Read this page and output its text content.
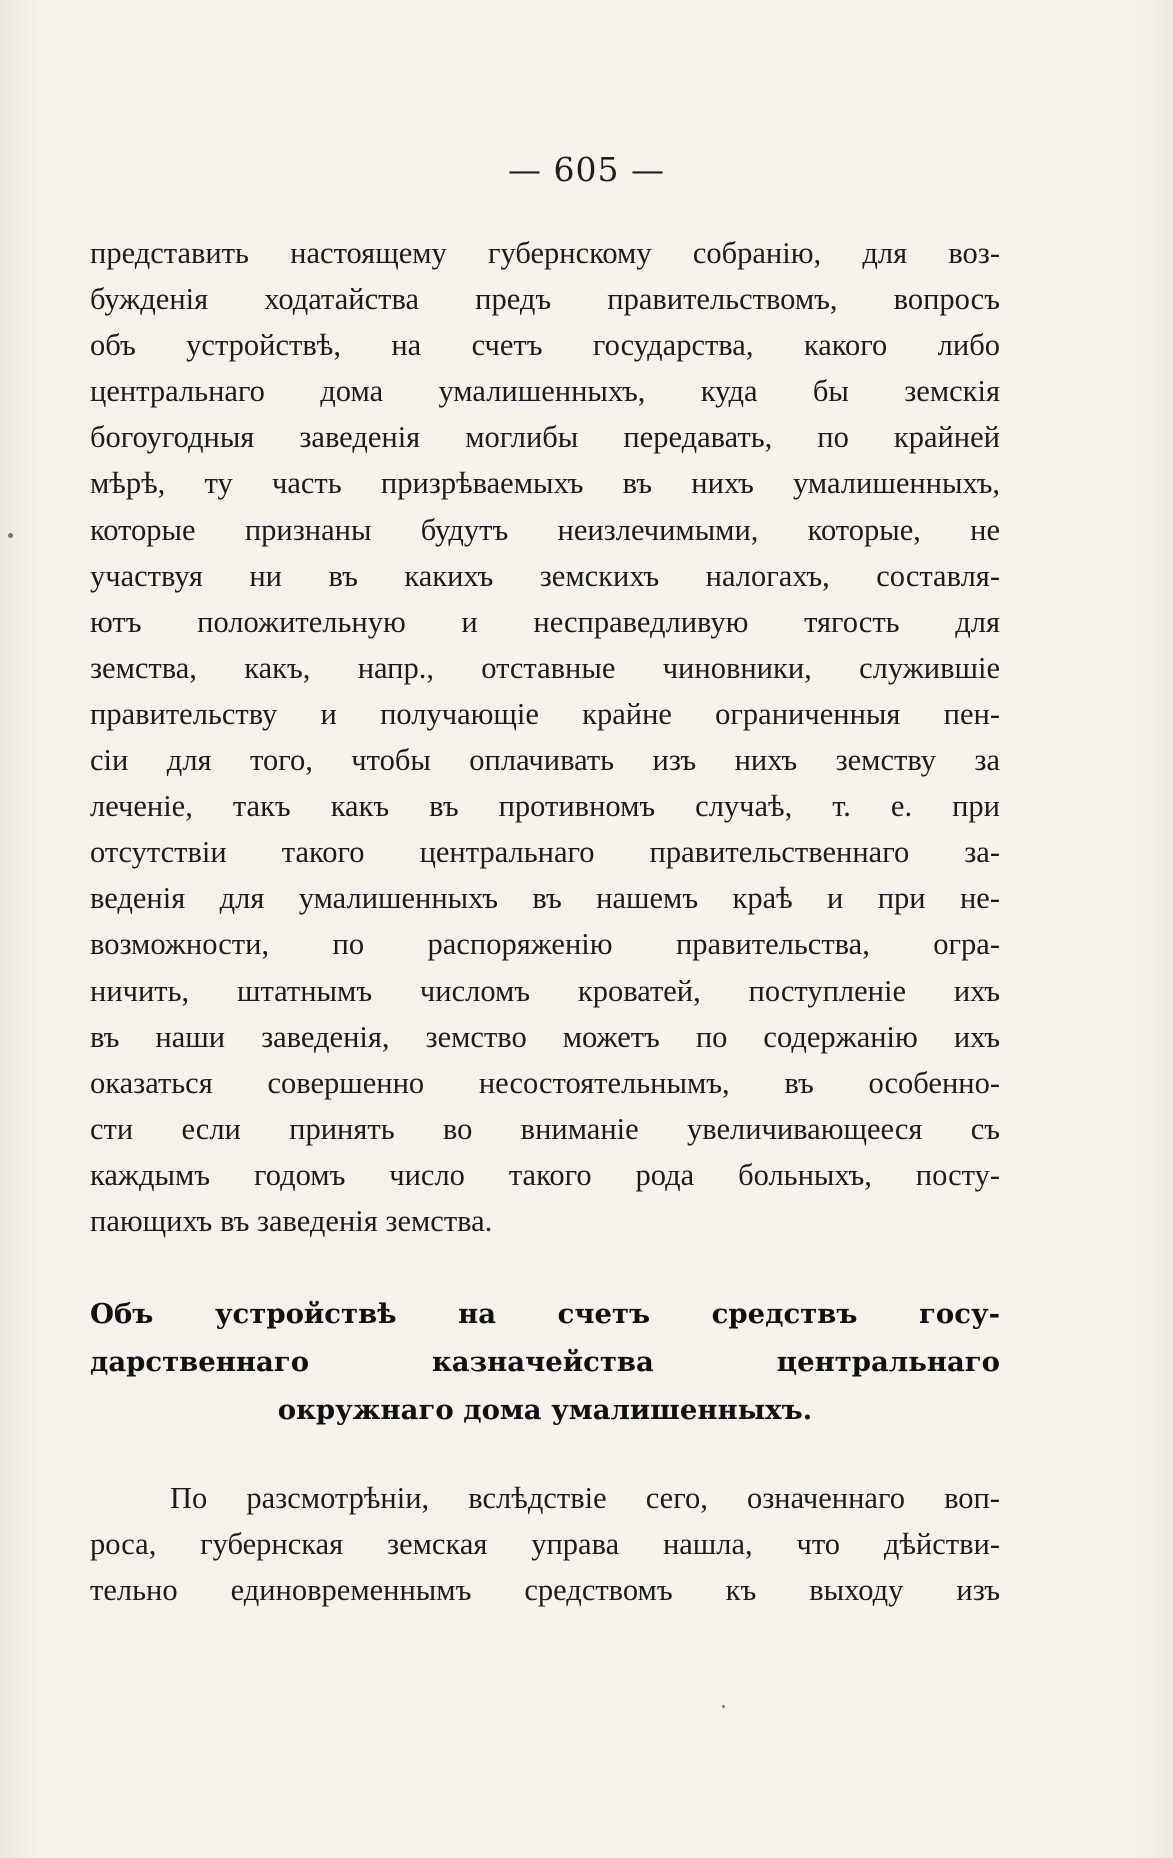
— 605 —
представить настоящему губернскому собранію, для воз-
бужденія ходатайства предъ правительствомъ, вопросъ
объ устройствѣ, на счетъ государства, какого либо
центральнаго дома умалишенныхъ, куда бы земскія
богоугодныя заведенія моглибы передавать, по крайней
мѣрѣ, ту часть призрѣваемыхъ въ нихъ умалишенныхъ,
которые признаны будутъ неизлечимыми, которые, не
участвуя ни въ какихъ земскихъ налогахъ, составля-
ютъ положительную и несправедливую тягость для
земства, какъ, напр., отставные чиновники, служившіе
правительству и получающіе крайне ограниченныя пен-
сіи для того, чтобы оплачивать изъ нихъ земству за
леченіе, такъ какъ въ противномъ случаѣ, т. е. при
отсутствіи такого центральнаго правительственнаго за-
веденія для умалишенныхъ въ нашемъ краѣ и при не-
возможности, по распоряженію правительства, огра-
ничить, штатнымъ числомъ кроватей, поступленіе ихъ
въ наши заведенія, земство можетъ по содержанію ихъ
оказаться совершенно несостоятельнымъ, въ особенно-
сти если принять во вниманіе увеличивающееся съ
каждымъ годомъ число такого рода больныхъ, посту-
пающихъ въ заведенія земства.
Объ устройствѣ на счетъ средствъ госу-
дарственнаго казначейства центральнаго
окружнаго дома умалишенныхъ.
По разсмотрѣніи, вслѣдствіе сего, означеннаго воп-
роса, губернская земская управа нашла, что дѣйстви-
тельно единовременнымъ средствомъ къ выходу изъ
